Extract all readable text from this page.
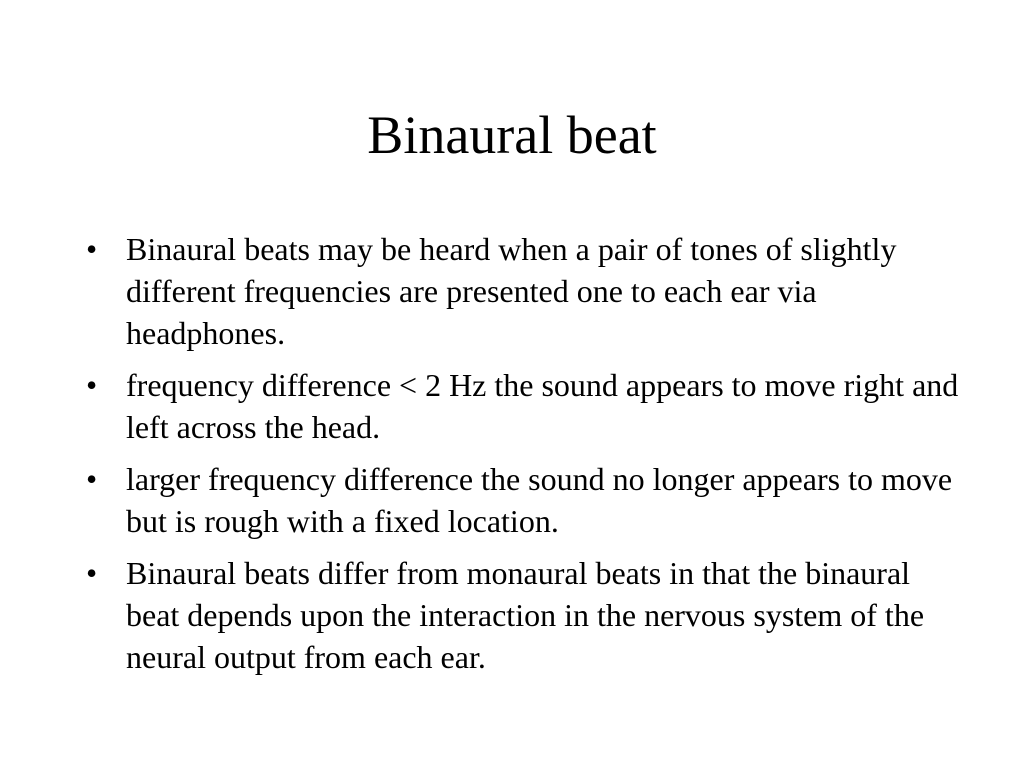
Binaural beat
• Binaural beats may be heard when a pair of tones of slightly different frequencies are presented one to each ear via headphones.
• frequency difference < 2 Hz the sound appears to move right and left across the head.
• larger frequency difference the sound no longer appears to move but is rough with a fixed location.
• Binaural beats differ from monaural beats in that the binaural beat depends upon the interaction in the nervous system of the neural output from each ear.
